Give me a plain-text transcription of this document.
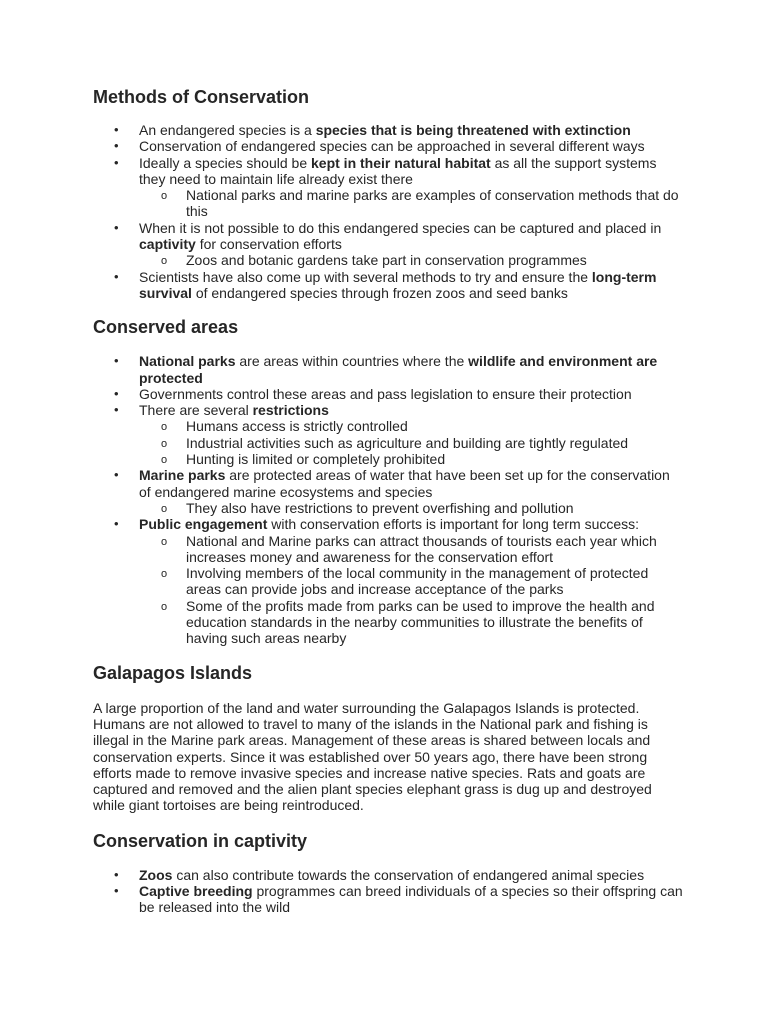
Methods of Conservation
• An endangered species is a species that is being threatened with extinction
• Conservation of endangered species can be approached in several different ways
• Ideally a species should be kept in their natural habitat as all the support systems they need to maintain life already exist there
o National parks and marine parks are examples of conservation methods that do this
• When it is not possible to do this endangered species can be captured and placed in captivity for conservation efforts
o Zoos and botanic gardens take part in conservation programmes
• Scientists have also come up with several methods to try and ensure the long-term survival of endangered species through frozen zoos and seed banks
Conserved areas
• National parks are areas within countries where the wildlife and environment are protected
• Governments control these areas and pass legislation to ensure their protection
• There are several restrictions
o Humans access is strictly controlled
o Industrial activities such as agriculture and building are tightly regulated
o Hunting is limited or completely prohibited
• Marine parks are protected areas of water that have been set up for the conservation of endangered marine ecosystems and species
o They also have restrictions to prevent overfishing and pollution
• Public engagement with conservation efforts is important for long term success:
o National and Marine parks can attract thousands of tourists each year which increases money and awareness for the conservation effort
o Involving members of the local community in the management of protected areas can provide jobs and increase acceptance of the parks
o Some of the profits made from parks can be used to improve the health and education standards in the nearby communities to illustrate the benefits of having such areas nearby
Galapagos Islands

A large proportion of the land and water surrounding the Galapagos Islands is protected. Humans are not allowed to travel to many of the islands in the National park and fishing is illegal in the Marine park areas. Management of these areas is shared between locals and conservation experts. Since it was established over 50 years ago, there have been strong efforts made to remove invasive species and increase native species. Rats and goats are captured and removed and the alien plant species elephant grass is dug up and destroyed while giant tortoises are being reintroduced.

Conservation in captivity
• Zoos can also contribute towards the conservation of endangered animal species
• Captive breeding programmes can breed individuals of a species so their offspring can be released into the wild
